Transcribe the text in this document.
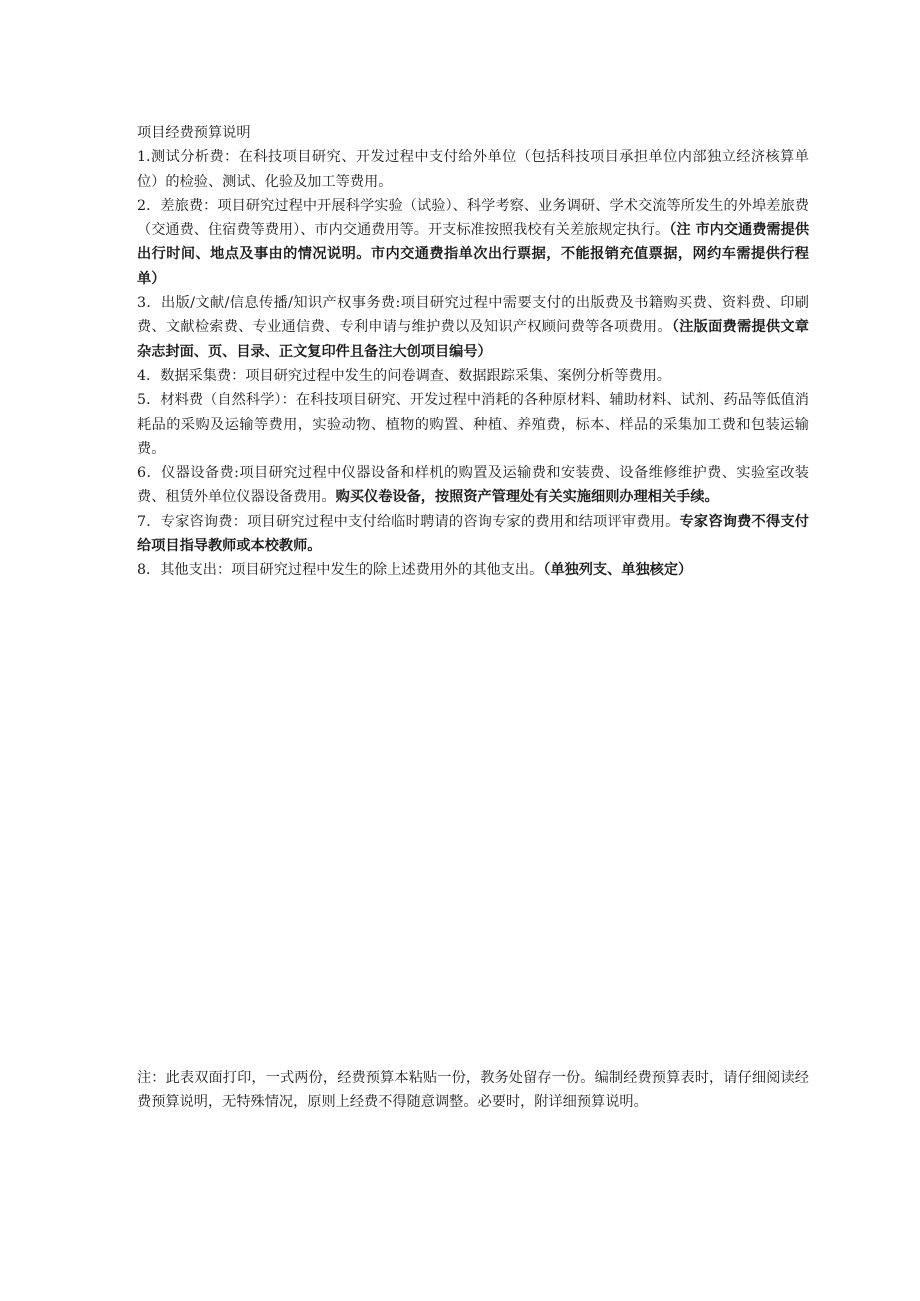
项目经费预算说明

1.测试分析费：在科技项目研究、开发过程中支付给外单位（包括科技项目承担单位内部独立经济核算单位）的检验、测试、化验及加工等费用。

2．差旅费：项目研究过程中开展科学实验（试验）、科学考察、业务调研、学术交流等所发生的外埠差旅费（交通费、住宿费等费用）、市内交通费用等。开支标准按照我校有关差旅规定执行。（注 市内交通费需提供出行时间、地点及事由的情况说明。市内交通费指单次出行票据，不能报销充值票据，网约车需提供行程单）

3．出版/文献/信息传播/知识产权事务费:项目研究过程中需要支付的出版费及书籍购买费、资料费、印刷费、文献检索费、专业通信费、专利申请与维护费以及知识产权顾问费等各项费用。（注版面费需提供文章杂志封面、页、目录、正文复印件且备注大创项目编号）

4．数据采集费：项目研究过程中发生的问卷调查、数据跟踪采集、案例分析等费用。

5．材料费（自然科学）：在科技项目研究、开发过程中消耗的各种原材料、辅助材料、试剂、药品等低值消耗品的采购及运输等费用，实验动物、植物的购置、种植、养殖费，标本、样品的采集加工费和包装运输费。

6．仪器设备费:项目研究过程中仪器设备和样机的购置及运输费和安装费、设备维修维护费、实验室改装费、租赁外单位仪器设备费用。购买仪卷设备，按照资产管理处有关实施细则办理相关手续。

7．专家咨询费：项目研究过程中支付给临时聘请的咨询专家的费用和结项评审费用。专家咨询费不得支付给项目指导教师或本校教师。

8．其他支出：项目研究过程中发生的除上述费用外的其他支出。（单独列支、单独核定）

注：此表双面打印，一式两份，经费预算本粘贴一份，教务处留存一份。编制经费预算表时，请仔细阅读经费预算说明，无特殊情况，原则上经费不得随意调整。必要时，附详细预算说明。
